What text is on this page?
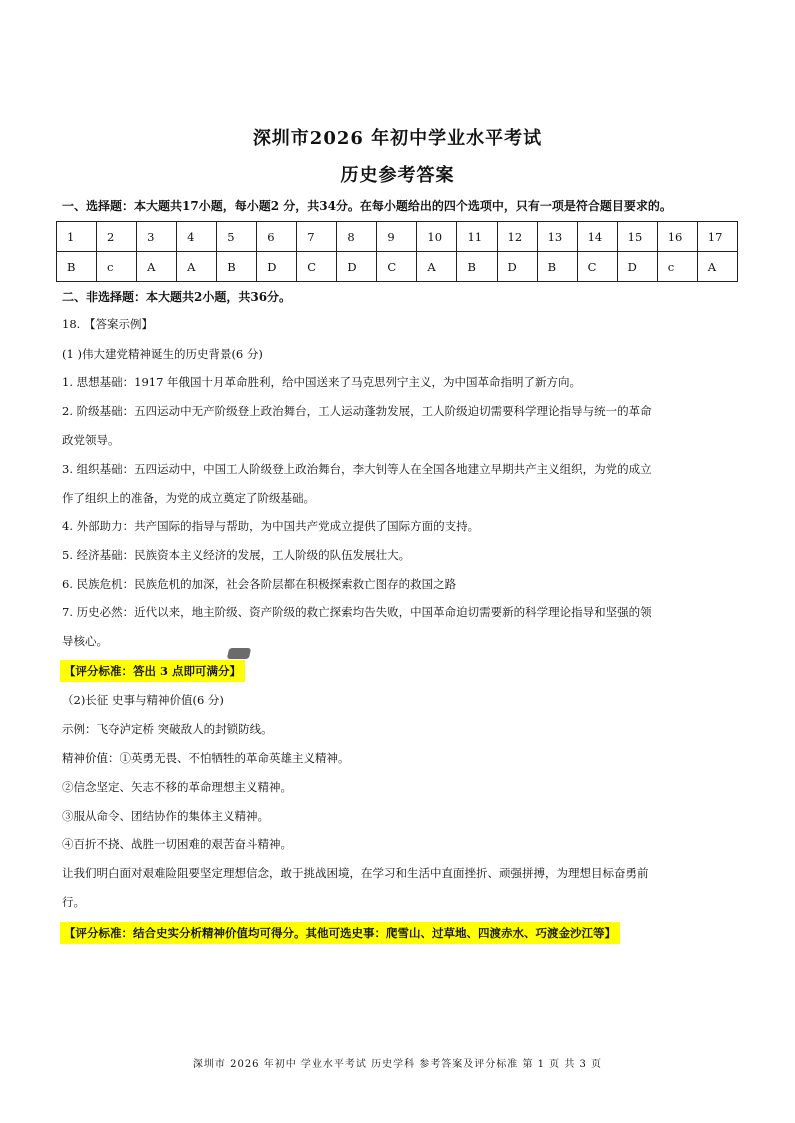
深圳市2026 年初中学业水平考试
历史参考答案
一、选择题：本大题共17小题，每小题2 分，共34分。在每小题给出的四个选项中，只有一项是符合题目要求的。
1	2	3	4	5	6	7	8	9	10	11	12	13	14	15	16	17
B	c	A	A	B	D	C	D	C	A	B	D	B	C	D	c	A
二、非选择题：本大题共2小题，共36分。
18. 【答案示例】
(1 )伟大建党精神诞生的历史背景(6 分)
1. 思想基础：1917 年俄国十月革命胜利，给中国送来了马克思列宁主义，为中国革命指明了新方向。
2. 阶级基础：五四运动中无产阶级登上政治舞台，工人运动蓬勃发展，工人阶级迫切需要科学理论指导与统一的革命
政党领导。
3. 组织基础：五四运动中，中国工人阶级登上政治舞台，李大钊等人在全国各地建立早期共产主义组织，为党的成立
作了组织上的准备，为党的成立奠定了阶级基础。
4. 外部助力：共产国际的指导与帮助，为中国共产党成立提供了国际方面的支持。
5. 经济基础：民族资本主义经济的发展，工人阶级的队伍发展壮大。
6. 民族危机：民族危机的加深，社会各阶层都在积极探索救亡图存的救国之路
7. 历史必然：近代以来，地主阶级、资产阶级的救亡探索均告失败，中国革命迫切需要新的科学理论指导和坚强的领
导核心。
【评分标准：答出 3 点即可满分】
（2)长征 史事与精神价值(6 分)
示例：飞夺泸定桥 突破敌人的封锁防线。
精神价值：①英勇无畏、不怕牺牲的革命英雄主义精神。
②信念坚定、矢志不移的革命理想主义精神。
③服从命令、团结协作的集体主义精神。
④百折不挠、战胜一切困难的艰苦奋斗精神。
让我们明白面对艰难险阻要坚定理想信念，敢于挑战困境，在学习和生活中直面挫折、顽强拼搏，为理想目标奋勇前
行。
【评分标准：结合史实分析精神价值均可得分。其他可选史事：爬雪山、过草地、四渡赤水、巧渡金沙江等】
深圳市 2026 年初中 学业水平考试 历史学科 参考答案及评分标准 第 1 页 共 3 页
